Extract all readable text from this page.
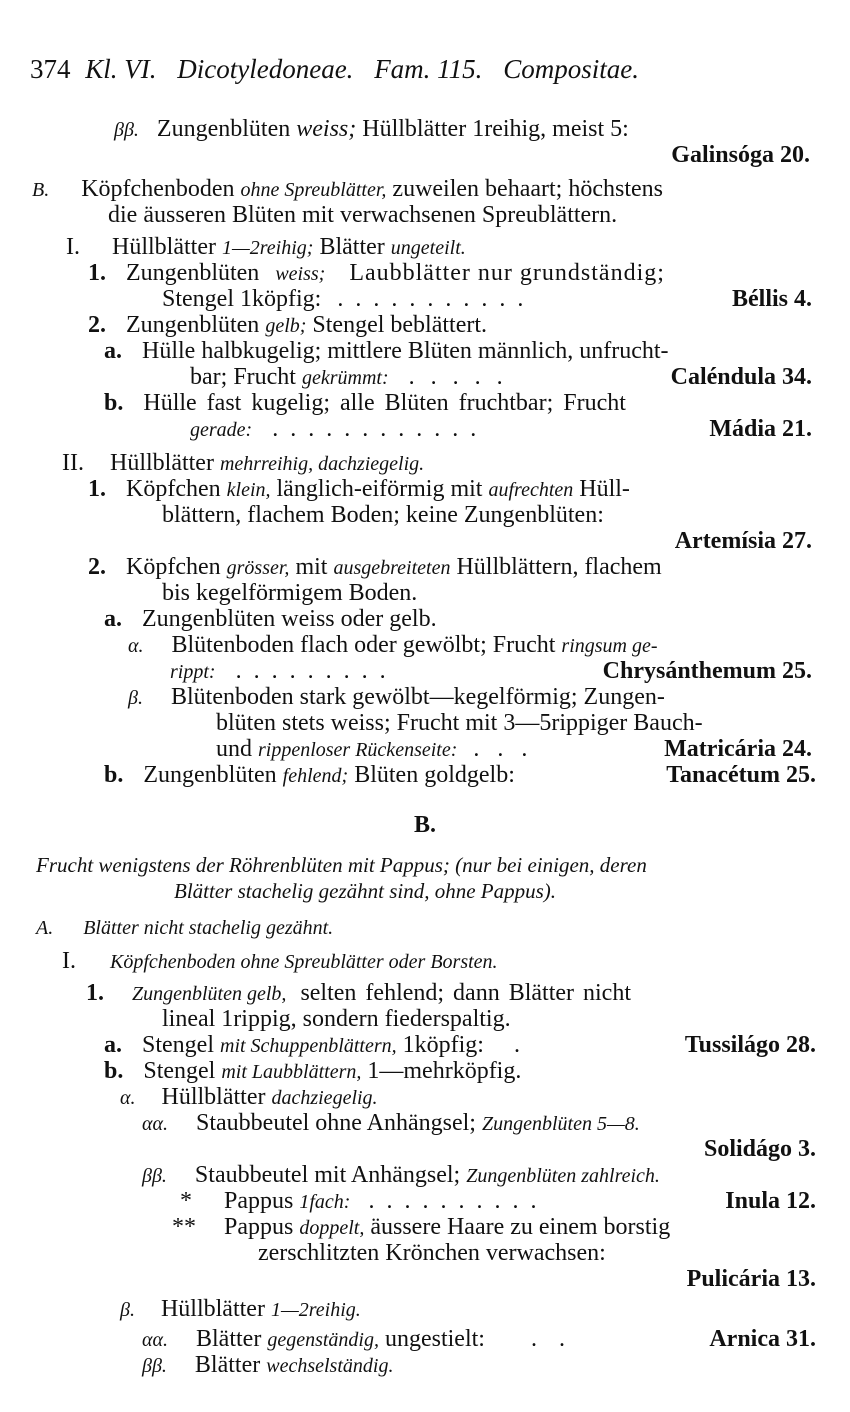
374 Kl. VI. Dicotyledoneae. Fam. 115. Compositae.
ββ. Zungenblüten weiss; Hüllblätter 1reihig, meist 5:
Galinsóga 20.
B. Köpfchenboden ohne Spreublätter, zuweilen behaart; höchstens
die äusseren Blüten mit verwachsenen Spreublättern.
I. Hüllblätter 1—2reihig; Blätter ungeteilt.
1. Zungenblüten weiss; Laubblätter nur grundständig;
Stengel 1köpfig: . . . . . . . . . . .	Béllis 4.
2. Zungenblüten gelb; Stengel beblättert.
a. Hülle halbkugelig; mittlere Blüten männlich, unfrucht-
bar; Frucht gekrümmt: . . . . .	Caléndula 34.
b. Hülle fast kugelig; alle Blüten fruchtbar; Frucht
gerade: . . . . . . . . . . . .	Mádia 21.
II. Hüllblätter mehrreihig, dachziegelig.
1. Köpfchen klein, länglich-eiförmig mit aufrechten Hüll-
blättern, flachem Boden; keine Zungenblüten:
Artemísia 27.
2. Köpfchen grösser, mit ausgebreiteten Hüllblättern, flachem
bis kegelförmigem Boden.
a. Zungenblüten weiss oder gelb.
α. Blütenboden flach oder gewölbt; Frucht ringsum ge-
rippt: . . . . . . . . .	Chrysánthemum 25.
β. Blütenboden stark gewölbt—kegelförmig; Zungen-
blüten stets weiss; Frucht mit 3—5rippiger Bauch-
und rippenloser Rückenseite: . . .	Matricária 24.
b. Zungenblüten fehlend; Blüten goldgelb:	Tanacétum 25.
B.
Frucht wenigstens der Röhrenblüten mit Pappus; (nur bei einigen, deren
Blätter stachelig gezähnt sind, ohne Pappus).
A. Blätter nicht stachelig gezähnt.
I. Köpfchenboden ohne Spreublätter oder Borsten.
1. Zungenblüten gelb, selten fehlend; dann Blätter nicht
lineal 1rippig, sondern fiederspaltig.
a. Stengel mit Schuppenblättern, 1köpfig: .	Tussilágo 28.
b. Stengel mit Laubblättern, 1—mehrköpfig.
α. Hüllblätter dachziegelig.
αα. Staubbeutel ohne Anhängsel; Zungenblüten 5—8.
Solidágo 3.
ββ. Staubbeutel mit Anhängsel; Zungenblüten zahlreich.
* Pappus 1fach: . . . . . . . . . .	Inula 12.
** Pappus doppelt, äussere Haare zu einem borstig
zerschlitzten Krönchen verwachsen:
Pulicária 13.
β. Hüllblätter 1—2reihig.
αα. Blätter gegenständig, ungestielt: . .	Arnica 31.
ββ. Blätter wechselständig.
